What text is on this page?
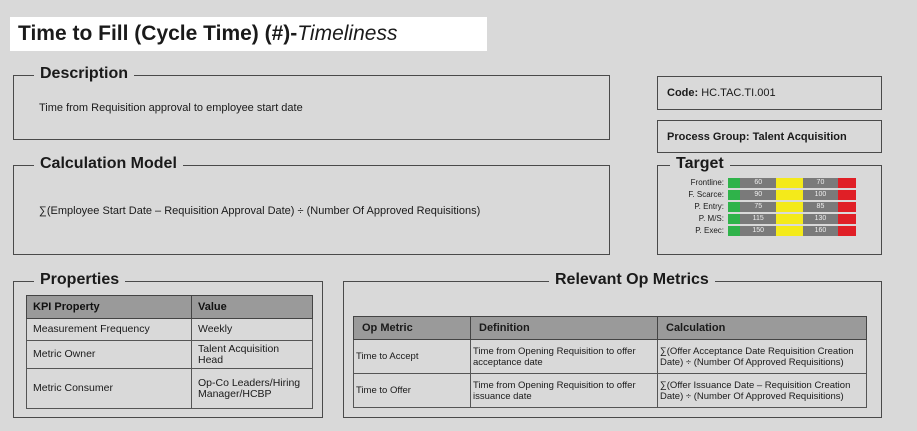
Time to Fill (Cycle Time) (#)-Timeliness
Description
Time from Requisition approval to employee start date
Calculation Model
∑(Employee Start Date – Requisition Approval Date) ÷ (Number Of Approved Requisitions)
Code: HC.TAC.TI.001
Process Group: Talent Acquisition
Target
Frontline:	60	70
F. Scarce:	90	100
P. Entry:	75	85
P. M/S:	115	130
P. Exec:	150	160
Properties
KPI Property	Value
Measurement Frequency	Weekly
Metric Owner	Talent Acquisition Head
Metric Consumer	Op-Co Leaders/Hiring Manager/HCBP
Relevant Op Metrics
Op Metric	Definition	Calculation
Time to Accept	Time from Opening Requisition to offer acceptance date	∑(Offer Acceptance Date Requisition Creation Date) ÷ (Number Of Approved Requisitions)
Time to Offer	Time from Opening Requisition to offer issuance date	∑(Offer Issuance Date – Requisition Creation Date) ÷ (Number Of Approved Requisitions)
